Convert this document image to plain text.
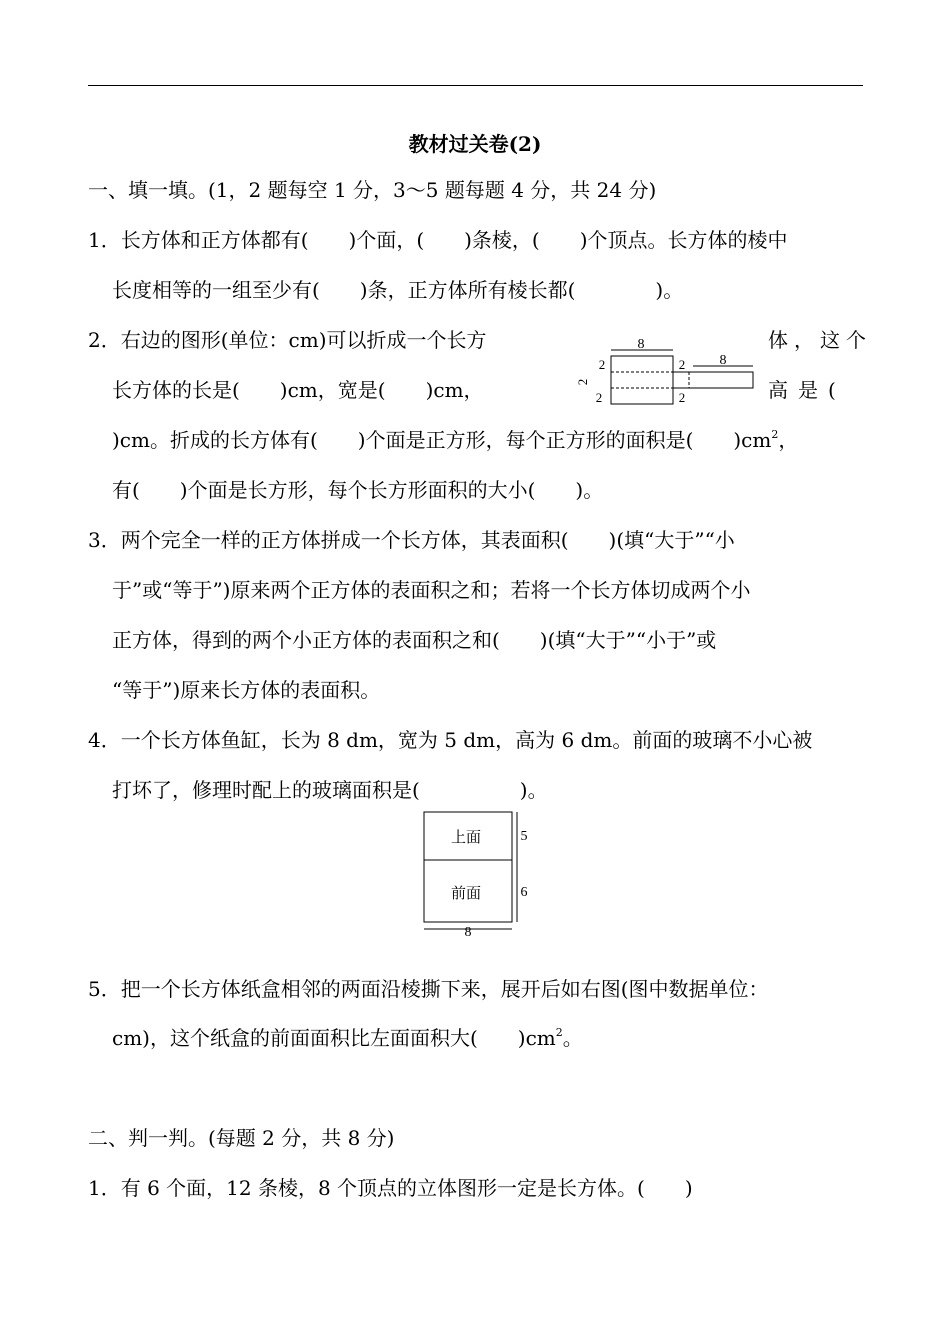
教材过关卷(2)
一、填一填。(1，2 题每空 1 分，3～5 题每题 4 分，共 24 分)
1．长方体和正方体都有(　　)个面，(　　)条棱，(　　)个顶点。长方体的棱中
长度相等的一组至少有(　　)条，正方体所有棱长都(　　　　)。
2．右边的图形(单位：cm)可以折成一个长方	体，这个
长方体的长是(　　)cm，宽是(　　)cm，	高是(
)cm。折成的长方体有(　　)个面是正方形，每个正方形的面积是(　　)$cm^2$，
有(　　)个面是长方形，每个长方形面积的大小(　　)。
8
8
2	2
2
2	2
3．两个完全一样的正方体拼成一个长方体，其表面积(　　)(填“大于”“小
于”或“等于”)原来两个正方体的表面积之和；若将一个长方体切成两个小
正方体，得到的两个小正方体的表面积之和(　　)(填“大于”“小于”或
“等于”)原来长方体的表面积。
4．一个长方体鱼缸，长为 8 dm，宽为 5 dm，高为 6 dm。前面的玻璃不小心被
打坏了，修理时配上的玻璃面积是(　　　　　)。
上面
前面
5
6
8
5．把一个长方体纸盒相邻的两面沿棱撕下来，展开后如右图(图中数据单位：
cm)，这个纸盒的前面面积比左面面积大(　　)$cm^2$。
二、判一判。(每题 2 分，共 8 分)
1．有 6 个面，12 条棱，8 个顶点的立体图形一定是长方体。(　　)
